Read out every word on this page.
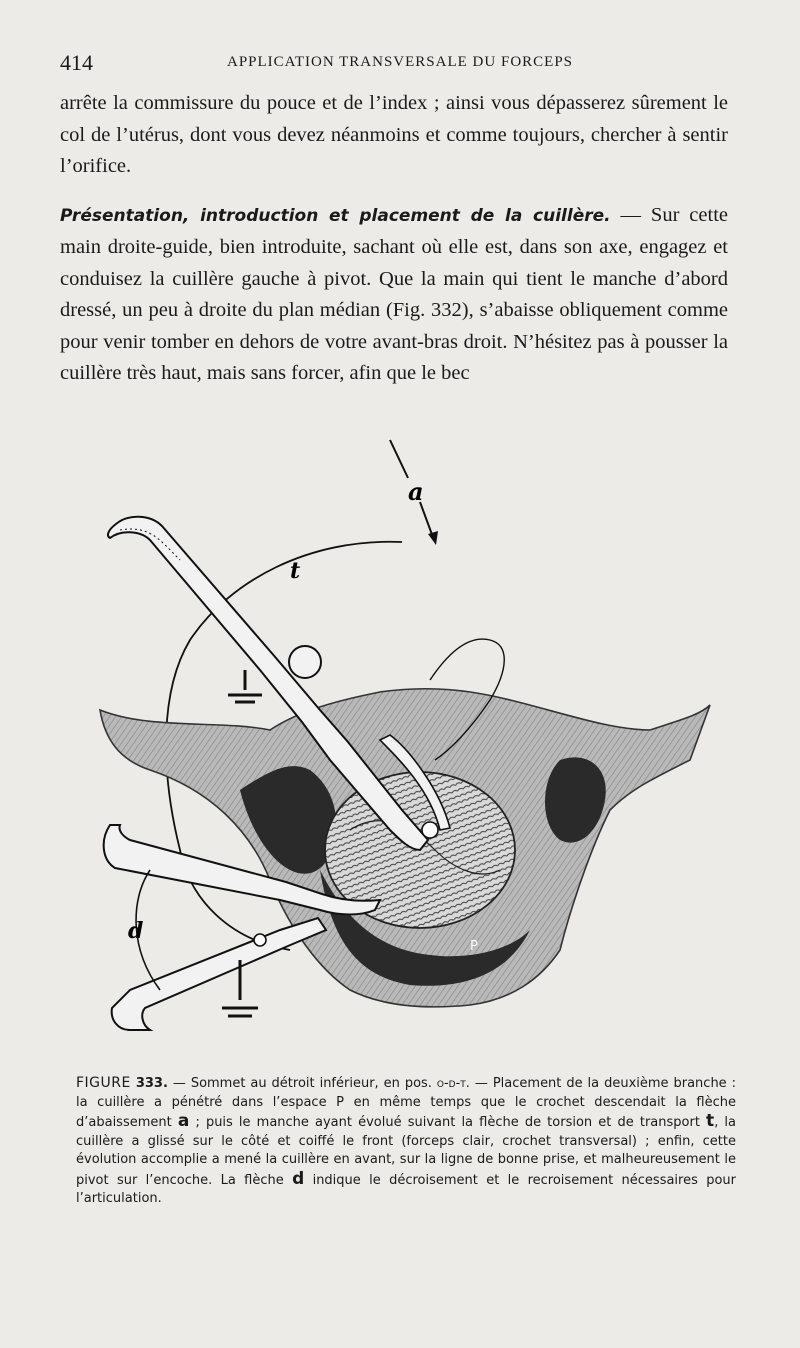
414	APPLICATION TRANSVERSALE DU FORCEPS

arrête la commissure du pouce et de l’index ; ainsi vous dépasserez sûrement le col de l’utérus, dont vous devez néanmoins et comme toujours, chercher à sentir l’orifice.

Présentation, introduction et placement de la cuillère. — Sur cette main droite-guide, bien introduite, sachant où elle est, dans son axe, engagez et conduisez la cuillère gauche à pivot. Que la main qui tient le manche d’abord dressé, un peu à droite du plan médian (Fig. 332), s’abaisse obliquement comme pour venir tomber en dehors de votre avant-bras droit. N’hésitez pas à pousser la cuillère très haut, mais sans forcer, afin que le bec

a
t
P
d
FIGURE 333. — Sommet au détroit inférieur, en pos. o-d-t. — Placement de la deuxième branche : la cuillère a pénétré dans l’espace P en même temps que le crochet descendait la flèche d’abaissement a ; puis le manche ayant évolué suivant la flèche de torsion et de transport t, la cuillère a glissé sur le côté et coiffé le front (forceps clair, crochet transversal) ; enfin, cette évolution accomplie a mené la cuillère en avant, sur la ligne de bonne prise, et malheureusement le pivot sur l’encoche. La flèche d indique le décroisement et le recroisement nécessaires pour l’articulation.
